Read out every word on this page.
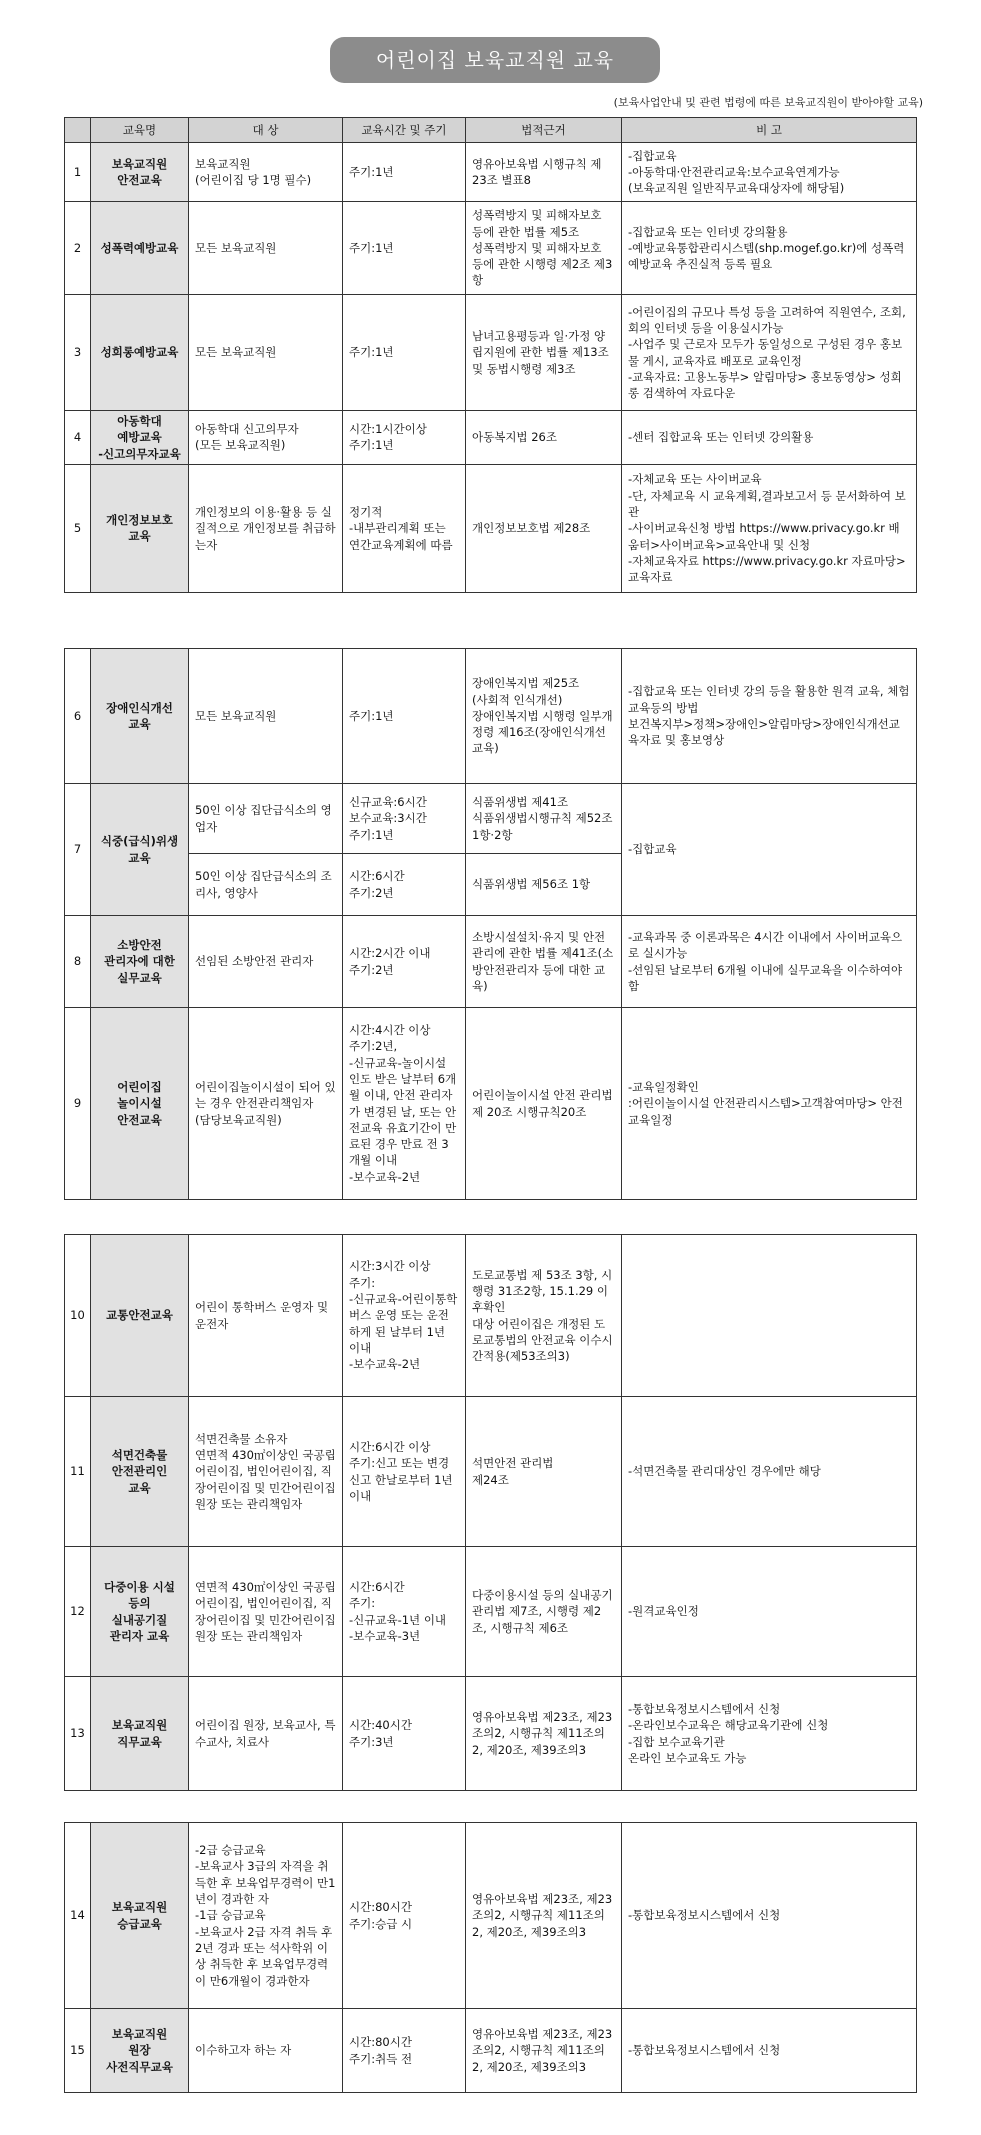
어린이집 보육교직원 교육
(보육사업안내 및 관련 법령에 따른 보육교직원이 받아야할 교육)
	교육명	대 상	교육시간 및 주기	법적근거	비 고
1	보육교직원
안전교육	보육교직원
(어린이집 당 1명 필수)	주기:1년	영유아보육법 시행규칙 제23조 별표8	-집합교육
-아동학대·안전관리교육:보수교육연계가능
(보육교직원 일반직무교육대상자에 해당됨)
2	성폭력예방교육	모든 보육교직원	주기:1년	성폭력방지 및 피해자보호 등에 관한 법률 제5조
성폭력방지 및 피해자보호 등에 관한 시행령 제2조 제3항	-집합교육 또는 인터넷 강의활용
-예방교육통합관리시스템(shp.mogef.go.kr)에 성폭력예방교육 추진실적 등록 필요
3	성희롱예방교육	모든 보육교직원	주기:1년	남녀고용평등과 일·가정 양립지원에 관한 법률 제13조 및 동법시행령 제3조	-어린이집의 규모나 특성 등을 고려하여 직원연수, 조회, 회의 인터넷 등을 이용실시가능
-사업주 및 근로자 모두가 동일성으로 구성된 경우 홍보물 게시, 교육자료 배포로 교육인정
-교육자료: 고용노동부> 알림마당> 홍보동영상> 성희롱 검색하여 자료다운
4	아동학대
예방교육
-신고의무자교육	아동학대 신고의무자
(모든 보육교직원)	시간:1시간이상
주기:1년	아동복지법 26조	-센터 집합교육 또는 인터넷 강의활용
5	개인정보보호
교육	개인정보의 이용·활용 등 실질적으로 개인정보를 취급하는자	정기적
-내부관리계획 또는 연간교육계획에 따름	개인정보보호법 제28조	-자체교육 또는 사이버교육
-단, 자체교육 시 교육계획,결과보고서 등 문서화하여 보관
-사이버교육신청 방법 https://www.privacy.go.kr 배움터>사이버교육>교육안내 및 신청
-자체교육자료 https://www.privacy.go.kr 자료마당>교육자료
6	장애인식개선
교육	모든 보육교직원	주기:1년	장애인복지법 제25조
(사회적 인식개선)
장애인복지법 시행령 일부개정령 제16조(장애인식개선 교육)	-집합교육 또는 인터넷 강의 등을 활용한 원격 교육, 체험 교육등의 방법
보건복지부>정책>장애인>알림마당>장애인식개선교육자료 및 홍보영상
7	식중(급식)위생
교육	50인 이상 집단급식소의 영업자	신규교육:6시간
보수교육:3시간
주기:1년	식품위생법 제41조
식품위생법시행규칙 제52조 1항·2항	-집합교육
		50인 이상 집단급식소의 조리사, 영양사	시간:6시간
주기:2년	식품위생법 제56조 1항	
8	소방안전
관리자에 대한
실무교육	선임된 소방안전 관리자	시간:2시간 이내
주기:2년	소방시설설치·유지 및 안전관리에 관한 법률 제41조(소방안전관리자 등에 대한 교육)	-교육과목 중 이론과목은 4시간 이내에서 사이버교육으로 실시가능
-선임된 날로부터 6개월 이내에 실무교육을 이수하여야 함
9	어린이집
놀이시설
안전교육	어린이집놀이시설이 되어 있는 경우 안전관리책임자
(담당보육교직원)	시간:4시간 이상
주기:2년,
-신규교육-놀이시설 인도 받은 날부터 6개월 이내, 안전 관리자가 변경된 날, 또는 안전교육 유효기간이 만료된 경우 만료 전 3개월 이내
-보수교육-2년	어린이놀이시설 안전 관리법 제 20조 시행규칙20조	-교육일정확인
:어린이놀이시설 안전관리시스템>고객참여마당> 안전교육일정
10	교통안전교육	어린이 통학버스 운영자 및 운전자	시간:3시간 이상
주기:
-신규교육-어린이통학버스 운영 또는 운전하게 된 날부터 1년 이내
-보수교육-2년	도로교통법 제 53조 3항, 시행령 31조2항, 15.1.29 이후확인
대상 어린이집은 개정된 도로교통법의 안전교육 이수시간적용(제53조의3)	
11	석면건축물
안전관리인
교육	석면건축물 소유자
연면적 430㎡이상인 국공립어린이집, 법인어린이집, 직장어린이집 및 민간어린이집 원장 또는 관리책임자	시간:6시간 이상
주기:신고 또는 변경신고 한날로부터 1년 이내	석면안전 관리법
제24조	-석면건축물 관리대상인 경우에만 해당
12	다중이용 시설
등의
실내공기질
관리자 교육	연면적 430㎡이상인 국공립어린이집, 법인어린이집, 직장어린이집 및 민간어린이집 원장 또는 관리책임자	시간:6시간
주기:
-신규교육-1년 이내
-보수교육-3년	다중이용시설 등의 실내공기관리법 제7조, 시행령 제2조, 시행규칙 제6조	-원격교육인정
13	보육교직원
직무교육	어린이집 원장, 보육교사, 특수교사, 치료사	시간:40시간
주기:3년	영유아보육법 제23조, 제23조의2, 시행규칙 제11조의2, 제20조, 제39조의3	-통합보육정보시스템에서 신청
-온라인보수교육은 해당교육기관에 신청
-집합 보수교육기관
온라인 보수교육도 가능
14	보육교직원
승급교육	-2급 승급교육
-보육교사 3급의 자격을 취득한 후 보육업무경력이 만1년이 경과한 자
-1급 승급교육
-보육교사 2급 자격 취득 후 2년 경과 또는 석사학위 이상 취득한 후 보육업무경력이 만6개월이 경과한자	시간:80시간
주기:승급 시	영유아보육법 제23조, 제23조의2, 시행규칙 제11조의2, 제20조, 제39조의3	-통합보육정보시스템에서 신청
15	보육교직원
원장
사전직무교육	이수하고자 하는 자	시간:80시간
주기:취득 전	영유아보육법 제23조, 제23조의2, 시행규칙 제11조의2, 제20조, 제39조의3	-통합보육정보시스템에서 신청
